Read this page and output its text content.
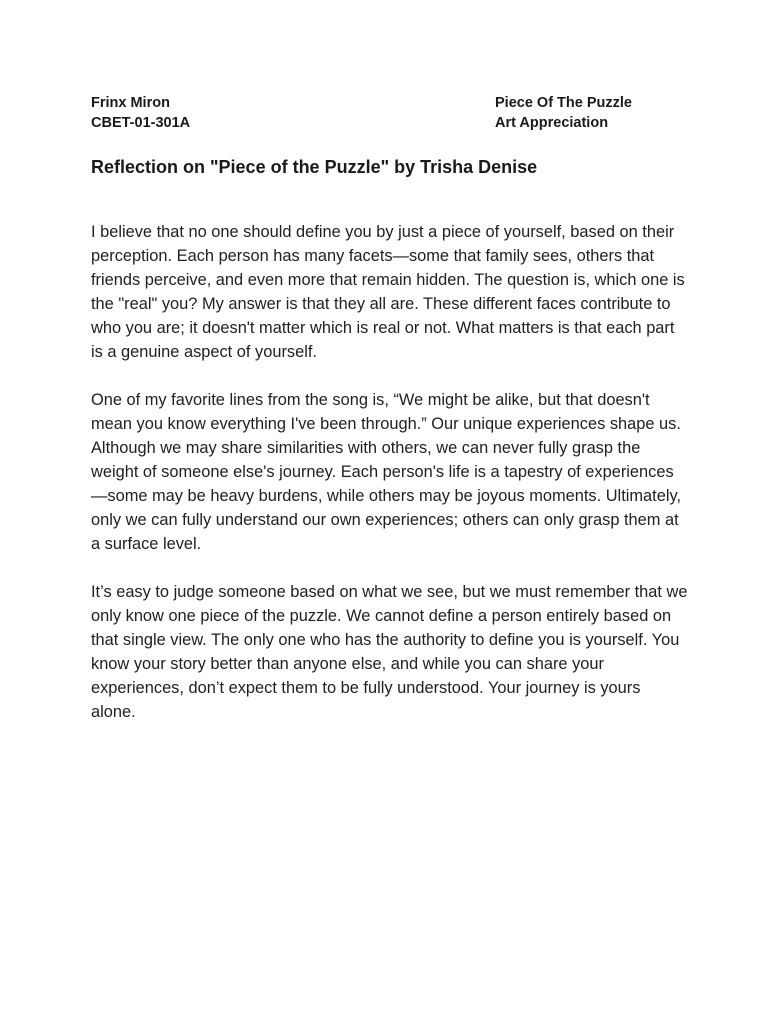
Frinx Miron
CBET-01-301A
Piece Of The Puzzle
Art Appreciation
Reflection on "Piece of the Puzzle" by Trisha Denise

I believe that no one should define you by just a piece of yourself, based on their perception. Each person has many facets—some that family sees, others that friends perceive, and even more that remain hidden. The question is, which one is the "real" you? My answer is that they all are. These different faces contribute to who you are; it doesn't matter which is real or not. What matters is that each part is a genuine aspect of yourself.

One of my favorite lines from the song is, “We might be alike, but that doesn't mean you know everything I've been through.” Our unique experiences shape us. Although we may share similarities with others, we can never fully grasp the weight of someone else's journey. Each person's life is a tapestry of experiences—some may be heavy burdens, while others may be joyous moments. Ultimately, only we can fully understand our own experiences; others can only grasp them at a surface level.

It’s easy to judge someone based on what we see, but we must remember that we only know one piece of the puzzle. We cannot define a person entirely based on that single view. The only one who has the authority to define you is yourself. You know your story better than anyone else, and while you can share your experiences, don’t expect them to be fully understood. Your journey is yours alone.
